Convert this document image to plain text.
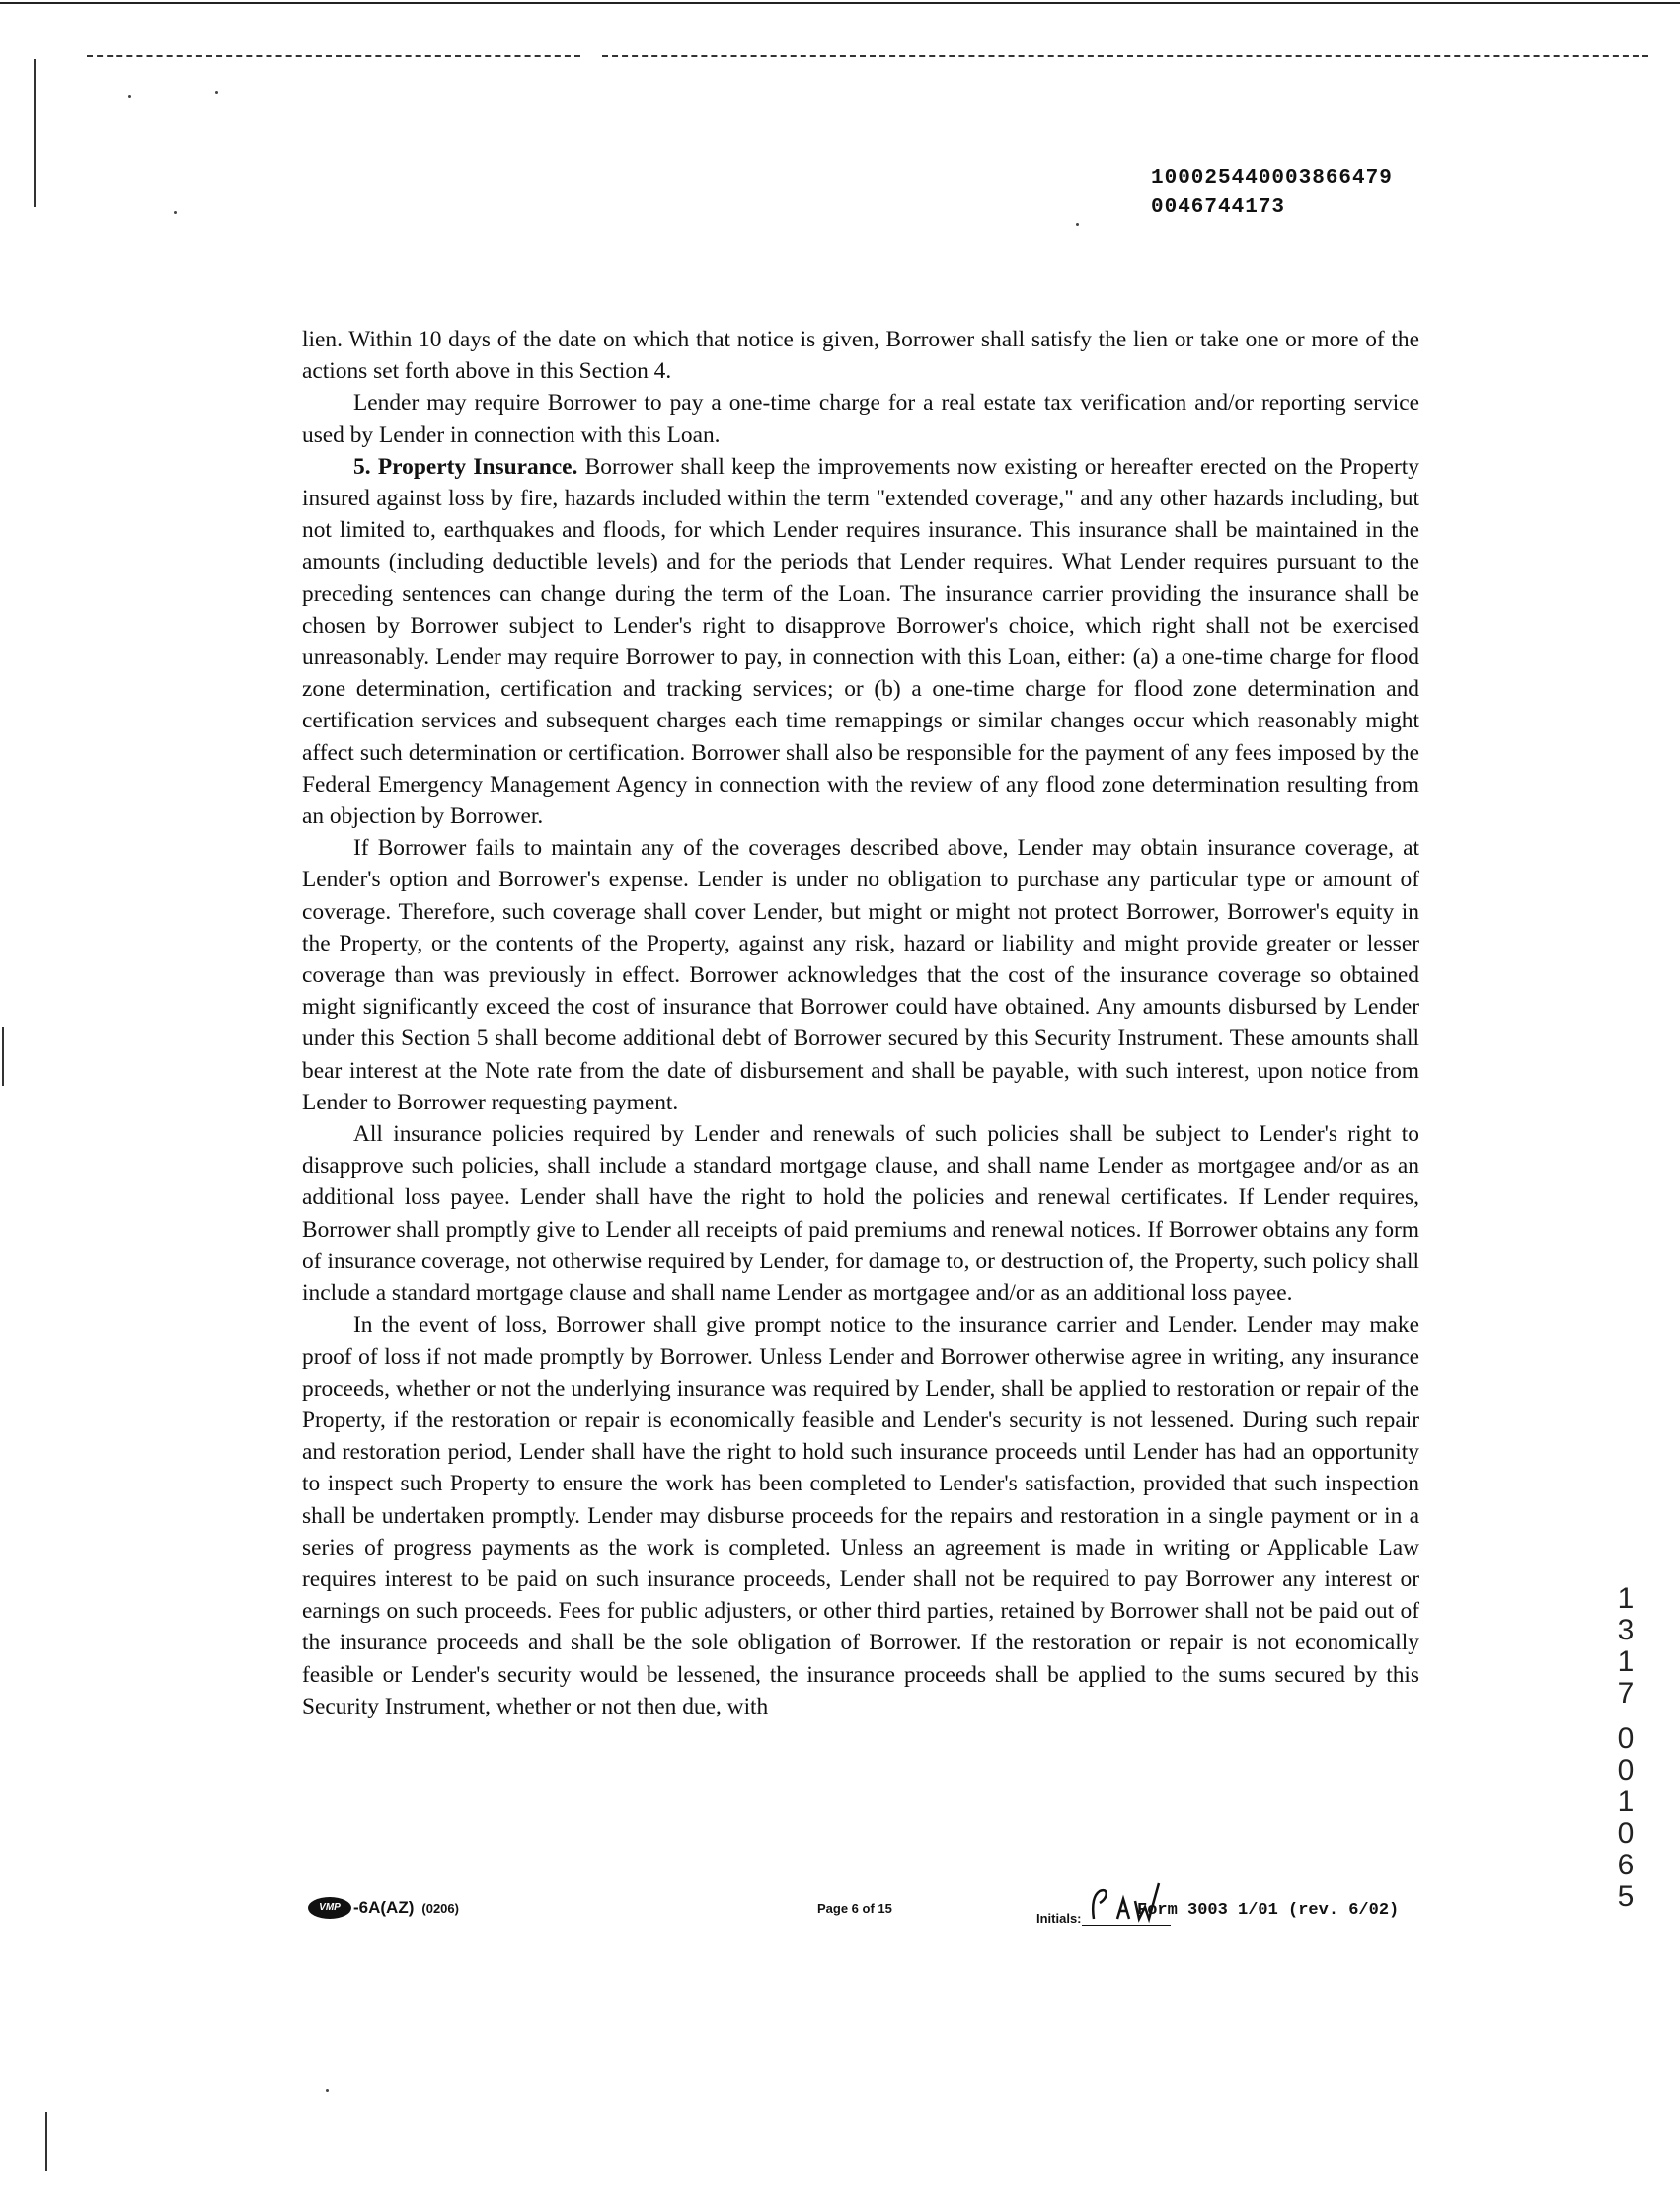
100025440003866479
0046744173

lien. Within 10 days of the date on which that notice is given, Borrower shall satisfy the lien or take one or more of the actions set forth above in this Section 4.

Lender may require Borrower to pay a one-time charge for a real estate tax verification and/or reporting service used by Lender in connection with this Loan.

5. Property Insurance. Borrower shall keep the improvements now existing or hereafter erected on the Property insured against loss by fire, hazards included within the term "extended coverage," and any other hazards including, but not limited to, earthquakes and floods, for which Lender requires insurance. This insurance shall be maintained in the amounts (including deductible levels) and for the periods that Lender requires. What Lender requires pursuant to the preceding sentences can change during the term of the Loan. The insurance carrier providing the insurance shall be chosen by Borrower subject to Lender's right to disapprove Borrower's choice, which right shall not be exercised unreasonably. Lender may require Borrower to pay, in connection with this Loan, either: (a) a one-time charge for flood zone determination, certification and tracking services; or (b) a one-time charge for flood zone determination and certification services and subsequent charges each time remappings or similar changes occur which reasonably might affect such determination or certification. Borrower shall also be responsible for the payment of any fees imposed by the Federal Emergency Management Agency in connection with the review of any flood zone determination resulting from an objection by Borrower.

If Borrower fails to maintain any of the coverages described above, Lender may obtain insurance coverage, at Lender's option and Borrower's expense. Lender is under no obligation to purchase any particular type or amount of coverage. Therefore, such coverage shall cover Lender, but might or might not protect Borrower, Borrower's equity in the Property, or the contents of the Property, against any risk, hazard or liability and might provide greater or lesser coverage than was previously in effect. Borrower acknowledges that the cost of the insurance coverage so obtained might significantly exceed the cost of insurance that Borrower could have obtained. Any amounts disbursed by Lender under this Section 5 shall become additional debt of Borrower secured by this Security Instrument. These amounts shall bear interest at the Note rate from the date of disbursement and shall be payable, with such interest, upon notice from Lender to Borrower requesting payment.

All insurance policies required by Lender and renewals of such policies shall be subject to Lender's right to disapprove such policies, shall include a standard mortgage clause, and shall name Lender as mortgagee and/or as an additional loss payee. Lender shall have the right to hold the policies and renewal certificates. If Lender requires, Borrower shall promptly give to Lender all receipts of paid premiums and renewal notices. If Borrower obtains any form of insurance coverage, not otherwise required by Lender, for damage to, or destruction of, the Property, such policy shall include a standard mortgage clause and shall name Lender as mortgagee and/or as an additional loss payee.

In the event of loss, Borrower shall give prompt notice to the insurance carrier and Lender. Lender may make proof of loss if not made promptly by Borrower. Unless Lender and Borrower otherwise agree in writing, any insurance proceeds, whether or not the underlying insurance was required by Lender, shall be applied to restoration or repair of the Property, if the restoration or repair is economically feasible and Lender's security is not lessened. During such repair and restoration period, Lender shall have the right to hold such insurance proceeds until Lender has had an opportunity to inspect such Property to ensure the work has been completed to Lender's satisfaction, provided that such inspection shall be undertaken promptly. Lender may disburse proceeds for the repairs and restoration in a single payment or in a series of progress payments as the work is completed. Unless an agreement is made in writing or Applicable Law requires interest to be paid on such insurance proceeds, Lender shall not be required to pay Borrower any interest or earnings on such proceeds. Fees for public adjusters, or other third parties, retained by Borrower shall not be paid out of the insurance proceeds and shall be the sole obligation of Borrower. If the restoration or repair is not economically feasible or Lender's security would be lessened, the insurance proceeds shall be applied to the sums secured by this Security Instrument, whether or not then due, with

VMP -6A(AZ) (0206)	Page 6 of 15
Initials:	Form 3003 1/01 (rev. 6/02)
1
3
1
7
0
0
1
0
6
5
